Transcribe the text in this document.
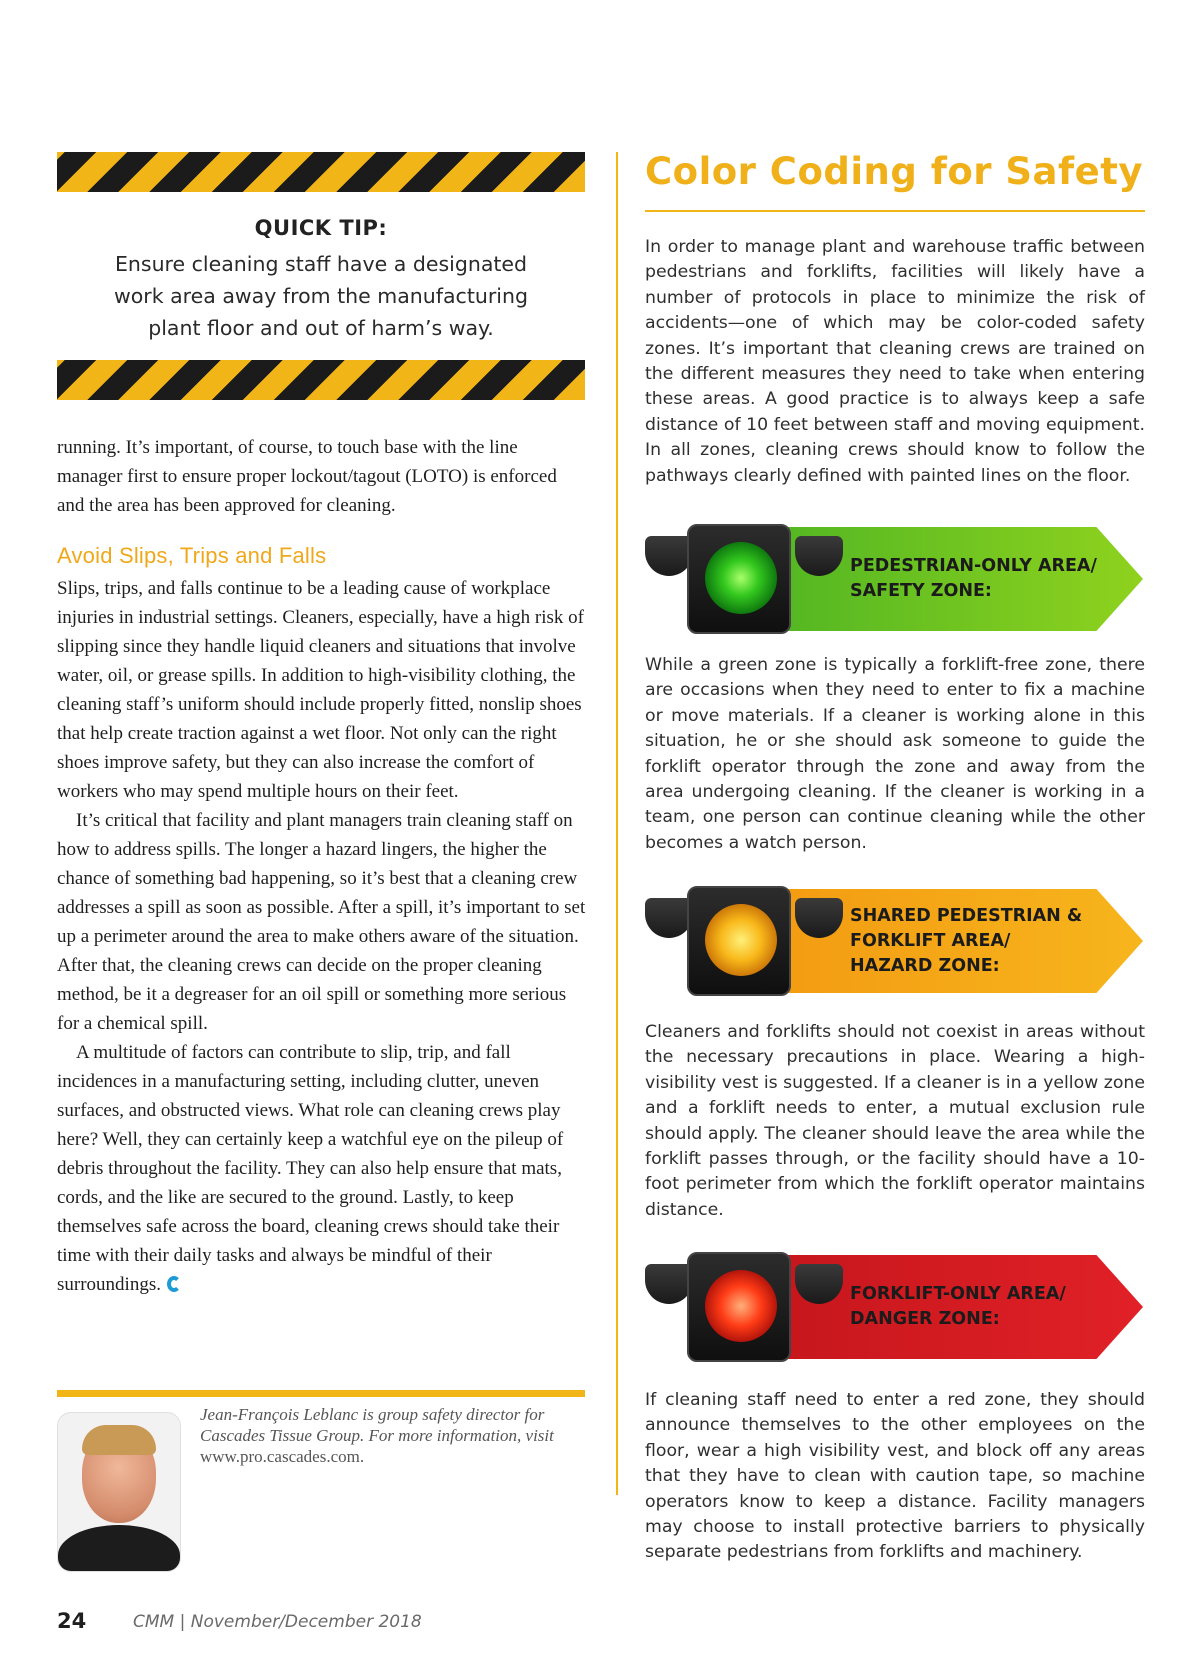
QUICK TIP:
Ensure cleaning staff have a designated work area away from the manufacturing plant floor and out of harm’s way.
running. It’s important, of course, to touch base with the line manager first to ensure proper lockout/tagout (LOTO) is enforced and the area has been approved for cleaning.
Avoid Slips, Trips and Falls

Slips, trips, and falls continue to be a leading cause of workplace injuries in industrial settings. Cleaners, especially, have a high risk of slipping since they handle liquid cleaners and situations that involve water, oil, or grease spills. In addition to high-visibility clothing, the cleaning staff’s uniform should include properly fitted, nonslip shoes that help create traction against a wet floor. Not only can the right shoes improve safety, but they can also increase the comfort of workers who may spend multiple hours on their feet.

It’s critical that facility and plant managers train cleaning staff on how to address spills. The longer a hazard lingers, the higher the chance of something bad happening, so it’s best that a cleaning crew addresses a spill as soon as possible. After a spill, it’s important to set up a perimeter around the area to make others aware of the situation. After that, the cleaning crews can decide on the proper cleaning method, be it a degreaser for an oil spill or something more serious for a chemical spill.

A multitude of factors can contribute to slip, trip, and fall incidences in a manufacturing setting, including clutter, uneven surfaces, and obstructed views. What role can cleaning crews play here? Well, they can certainly keep a watchful eye on the pileup of debris throughout the facility. They can also help ensure that mats, cords, and the like are secured to the ground. Lastly, to keep themselves safe across the board, cleaning crews should take their time with their daily tasks and always be mindful of their surroundings.

Jean-François Leblanc is group safety director for Cascades Tissue Group. For more information, visit www.pro.cascades.com.
Color Coding for Safety
In order to manage plant and warehouse traffic between pedestrians and forklifts, facilities will likely have a number of protocols in place to minimize the risk of accidents—one of which may be color-coded safety zones. It’s important that cleaning crews are trained on the different measures they need to take when entering these areas. A good practice is to always keep a safe distance of 10 feet between staff and moving equipment. In all zones, cleaning crews should know to follow the pathways clearly defined with painted lines on the floor.
PEDESTRIAN-ONLY AREA/
SAFETY ZONE:
While a green zone is typically a forklift-free zone, there are occasions when they need to enter to fix a machine or move materials. If a cleaner is working alone in this situation, he or she should ask someone to guide the forklift operator through the zone and away from the area undergoing cleaning. If the cleaner is working in a team, one person can continue cleaning while the other becomes a watch person.
SHARED PEDESTRIAN &
FORKLIFT AREA/
HAZARD ZONE:
Cleaners and forklifts should not coexist in areas without the necessary precautions in place. Wearing a high-visibility vest is suggested. If a cleaner is in a yellow zone and a forklift needs to enter, a mutual exclusion rule should apply. The cleaner should leave the area while the forklift passes through, or the facility should have a 10-foot perimeter from which the forklift operator maintains distance.
FORKLIFT-ONLY AREA/
DANGER ZONE:
If cleaning staff need to enter a red zone, they should announce themselves to the other employees on the floor, wear a high visibility vest, and block off any areas that they have to clean with caution tape, so machine operators know to keep a distance. Facility managers may choose to install protective barriers to physically separate pedestrians from forklifts and machinery.
24	CMM | November/December 2018
